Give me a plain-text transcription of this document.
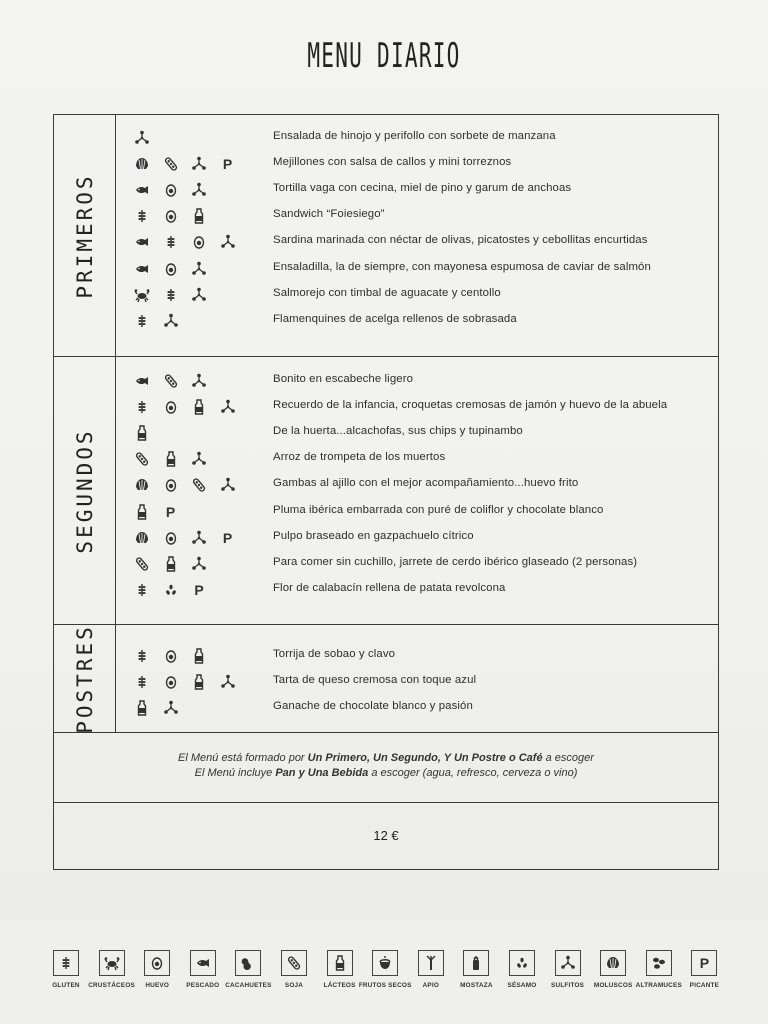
MENU DIARIO
PRIMEROS
Ensalada de hinojo y perifollo con sorbete de manzana
P	Mejillones con salsa de callos y mini torreznos
Tortilla vaga con cecina, miel de pino y garum de anchoas
Sandwich “Foiesiego”
Sardina marinada con néctar de olivas, picatostes y cebollitas encurtidas
Ensaladilla, la de siempre, con mayonesa espumosa de caviar de salmón
Salmorejo con timbal de aguacate y centollo
Flamenquines de acelga rellenos de sobrasada
SEGUNDOS
Bonito en escabeche ligero
Recuerdo de la infancia, croquetas cremosas de jamón y huevo de la abuela
De la huerta...alcachofas, sus chips y tupinambo
Arroz de trompeta de los muertos
Gambas al ajillo con el mejor acompañamiento...huevo frito
P	Pluma ibérica embarrada con puré de coliflor y chocolate blanco
P	Pulpo braseado en gazpachuelo cítrico
Para comer sin cuchillo, jarrete de cerdo ibérico glaseado (2 personas)
P	Flor de calabacín rellena de patata revolcona
POSTRES	Torrija de sobao y clavo
Tarta de queso cremosa con toque azul
Ganache de chocolate blanco y pasión
El Menú está formado por Un Primero, Un Segundo, Y Un Postre o Café a escoger
El Menú incluye Pan y Una Bebida a escoger (agua, refresco, cerveza o vino)
12 €
GLUTEN	CRUSTÁCEOS	HUEVO	PESCADO CACAHUETES	SOJA	LÁCTEOS FRUTOS SECOS	APIO	MOSTAZA	SÉSAMO	SULFITOS	MOLUSCOS ALTRAMUCES
P
PICANTE
